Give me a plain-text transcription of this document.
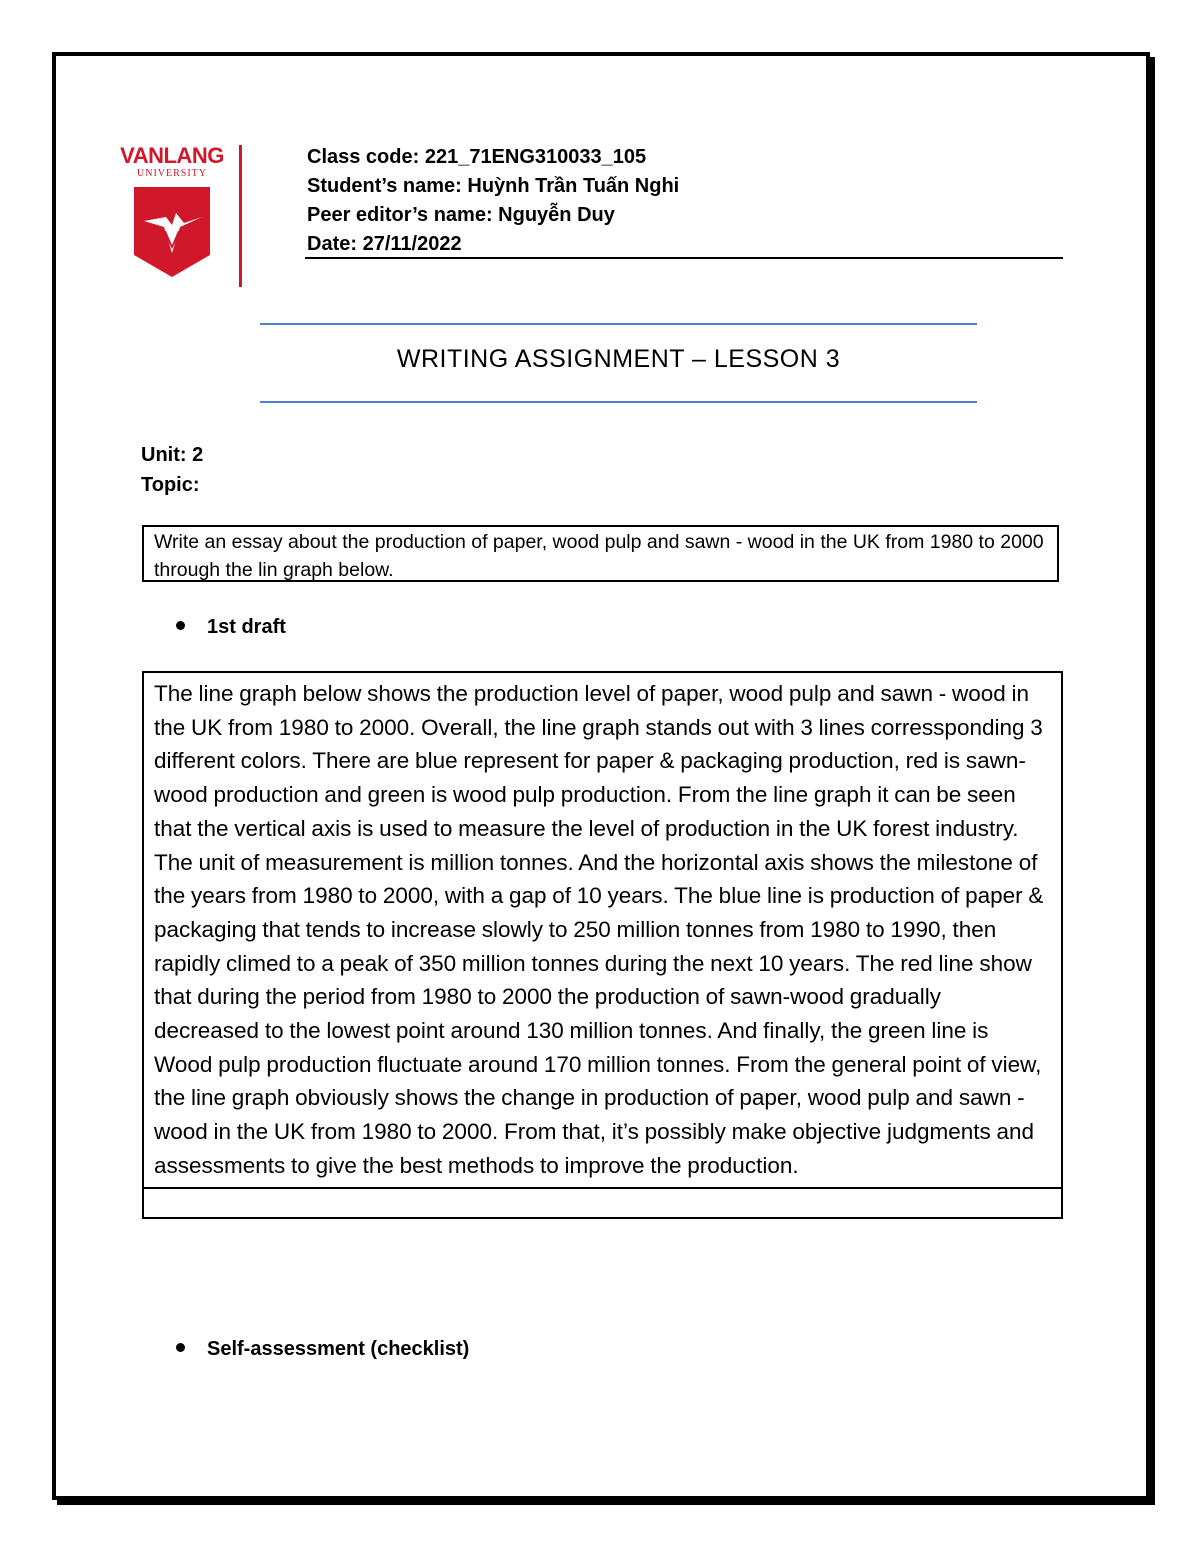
VANLANG
UNIVERSITY
Class code: 221_71ENG310033_105
Student’s name: Huỳnh Trần Tuấn Nghi
Peer editor’s name: Nguyễn Duy
Date: 27/11/2022
WRITING ASSIGNMENT – LESSON 3
Unit: 2
Topic:
Write an essay about the production of paper, wood pulp and sawn - wood in the UK from 1980 to 2000 through the lin graph below.
1st draft
The line graph below shows the production level of paper, wood pulp and sawn - wood in the UK from 1980 to 2000. Overall, the line graph stands out with 3 lines corressponding 3 different colors. There are blue represent for paper & packaging production, red is sawn-wood production and green is wood pulp production. From the line graph it can be seen that the vertical axis is used to measure the level of production in the UK forest industry. The unit of measurement is million tonnes. And the horizontal axis shows the milestone of the years from 1980 to 2000, with a gap of 10 years. The blue line is production of paper & packaging that tends to increase slowly to 250 million tonnes from 1980 to 1990, then rapidly climed to a peak of 350 million tonnes during the next 10 years. The red line show that during the period from 1980 to 2000 the production of sawn-wood gradually decreased to the lowest point around 130 million tonnes. And finally, the green line is Wood pulp production fluctuate around 170 million tonnes. From the general point of view, the line graph obviously shows the change in production of paper, wood pulp and sawn - wood in the UK from 1980 to 2000. From that, it’s possibly make objective judgments and assessments to give the best methods to improve the production.
Self-assessment (checklist)
